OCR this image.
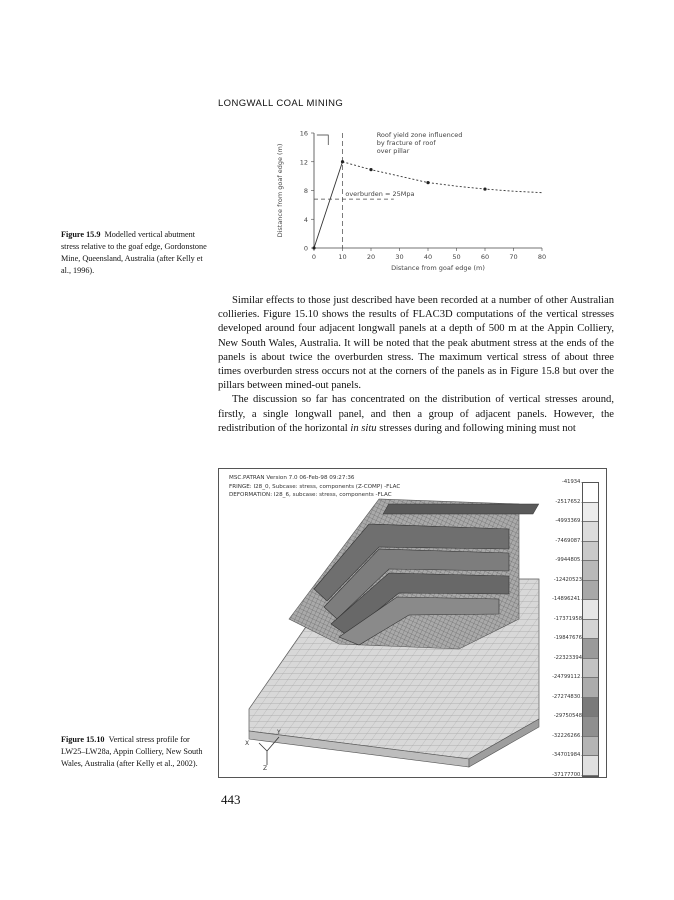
LONGWALL COAL MINING
0	10	20	30	40	50	60	70	80
0
4
8
12
16
Distance from goaf edge (m)
Distance from goaf edge (m)	overburden = 25Mpa
Roof yield zone influenced
by fracture of roof
over pillar
Figure 15.9 Modelled vertical abutment stress relative to the goaf edge, Gordonstone Mine, Queensland, Australia (after Kelly et al., 1996).

Similar effects to those just described have been recorded at a number of other Australian collieries. Figure 15.10 shows the results of FLAC3D computations of the vertical stresses developed around four adjacent longwall panels at a depth of 500 m at the Appin Colliery, New South Wales, Australia. It will be noted that the peak abutment stress at the ends of the panels is about twice the overburden stress. The maximum vertical stress of about three times overburden stress occurs not at the corners of the panels as in Figure 15.8 but over the pillars between mined-out panels.

The discussion so far has concentrated on the distribution of vertical stresses around, firstly, a single longwall panel, and then a group of adjacent panels. However, the redistribution of the horizontal in situ stresses during and following mining must not

X
Y
Z
MSC.PATRAN Version 7.0 06-Feb-98 09:27:36
FRINGE: I28_0, Subcase: stress, components (Z-COMP) -FLAC
DEFORMATION: I28_6, subcase: stress, components -FLAC
-41934.
-2517652.
-4993369.
-7469087.
-9944805.
-12420523
-14896241.
-17371958
-19847676
-22323394
-24799112.
-27274830.
-29750548
-32226266.
-34701984.
-37177700.
Figure 15.10 Vertical stress profile for LW25–LW28a, Appin Colliery, New South Wales, Australia (after Kelly et al., 2002).
443
